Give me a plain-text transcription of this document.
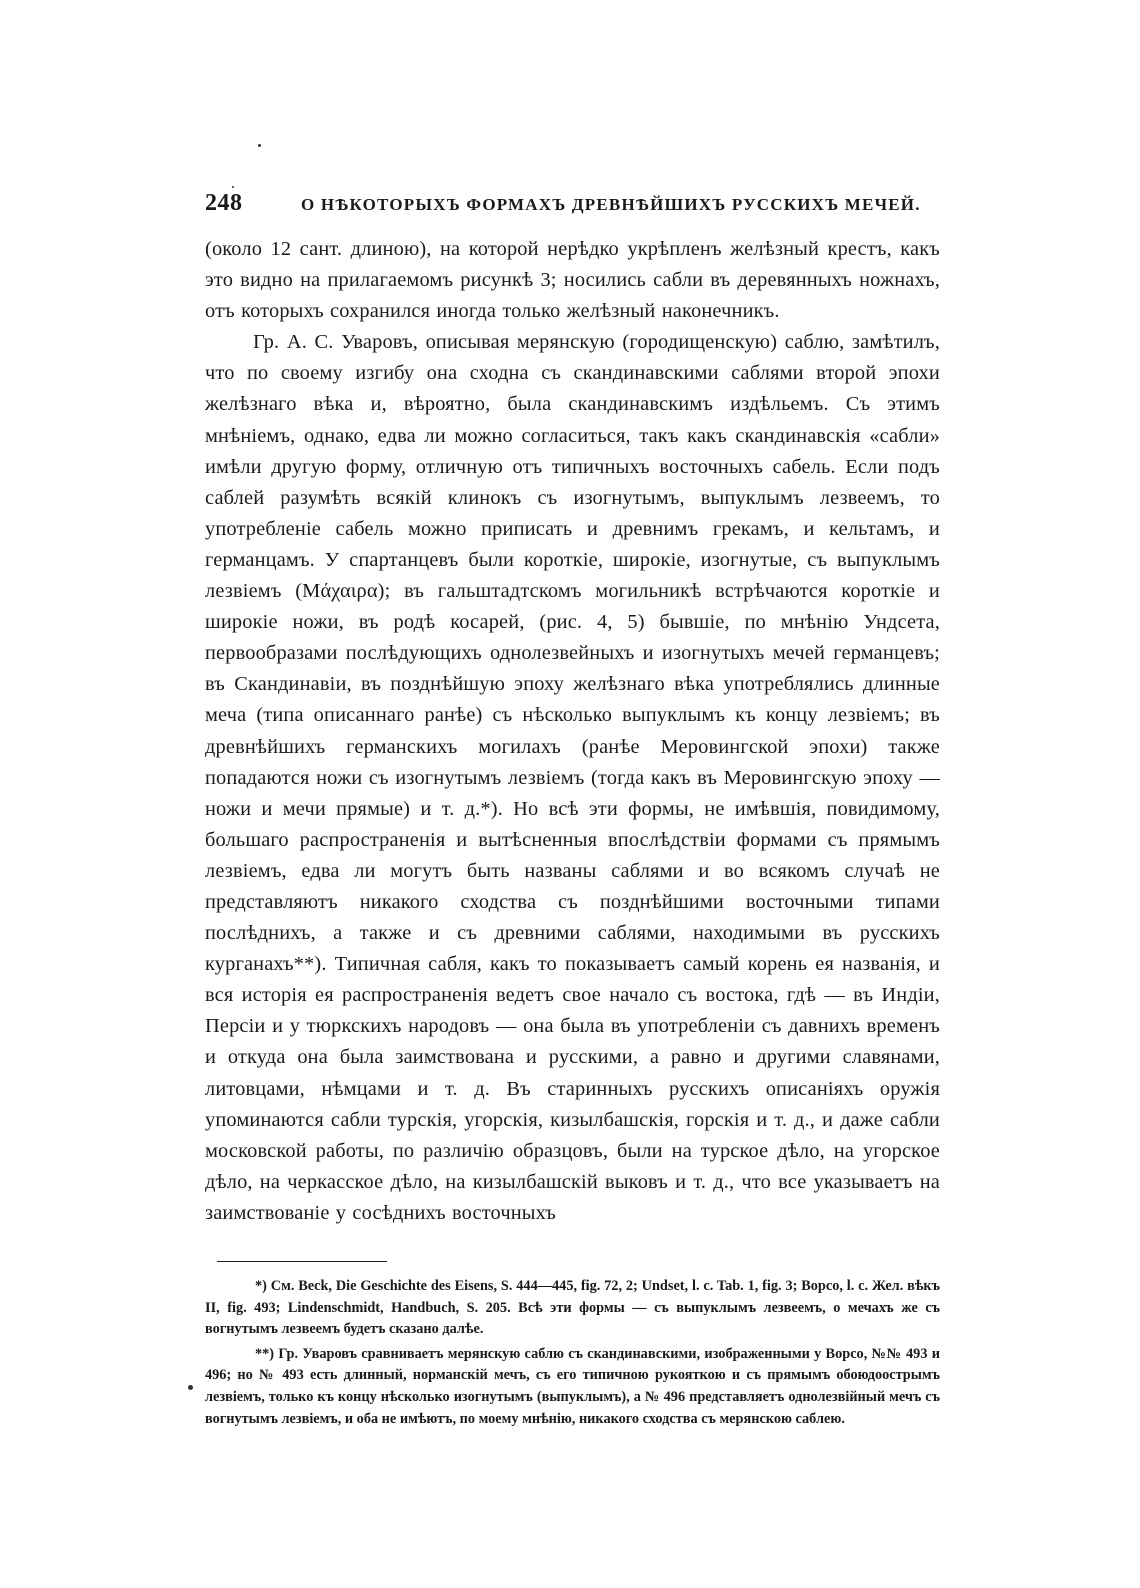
248	О НѢКОТОРЫХЪ ФОРМАХЪ ДРЕВНѢЙШИХЪ РУССКИХЪ МЕЧЕЙ.

(около 12 сант. длиною), на которой нерѣдко укрѣпленъ желѣзный крестъ, какъ это видно на прилагаемомъ рисункѣ 3; носились сабли въ деревянныхъ ножнахъ, отъ которыхъ сохранился иногда только желѣзный наконечникъ.

Гр. А. С. Уваровъ, описывая мерянскую (городищенскую) саблю, замѣтилъ, что по своему изгибу она сходна съ скандинавскими саблями второй эпохи желѣзнаго вѣка и, вѣроятно, была скандинавскимъ издѣльемъ. Съ этимъ мнѣніемъ, однако, едва ли можно согласиться, такъ какъ скандинавскія «сабли» имѣли другую форму, отличную отъ типичныхъ восточныхъ сабель. Если подъ саблей разумѣть всякій клинокъ съ изогнутымъ, выпуклымъ лезвеемъ, то употребленіе сабель можно приписать и древнимъ грекамъ, и кельтамъ, и германцамъ. У спартанцевъ были короткіе, широкіе, изогнутые, съ выпуклымъ лезвіемъ (Μάχαιρα); въ гальштадтскомъ могильникѣ встрѣчаются короткіе и широкіе ножи, въ родѣ косарей, (рис. 4, 5) бывшіе, по мнѣнію Ундсета, первообразами послѣдующихъ однолезвейныхъ и изогнутыхъ мечей германцевъ; въ Скандинавіи, въ позднѣйшую эпоху желѣзнаго вѣка употреблялись длинные меча (типа описаннаго ранѣе) съ нѣсколько выпуклымъ къ концу лезвіемъ; въ древнѣйшихъ германскихъ могилахъ (ранѣе Меровингской эпохи) также попадаются ножи съ изогнутымъ лезвіемъ (тогда какъ въ Меровингскую эпоху —ножи и мечи прямые) и т. д.*). Но всѣ эти формы, не имѣвшія, повидимому, большаго распространенія и вытѣсненныя впослѣдствіи формами съ прямымъ лезвіемъ, едва ли могутъ быть названы саблями и во всякомъ случаѣ не представляютъ никакого сходства съ позднѣйшими восточными типами послѣднихъ, а также и съ древними саблями, находимыми въ русскихъ курганахъ**). Типичная сабля, какъ то показываетъ самый корень ея названія, и вся исторія ея распространенія ведетъ свое начало съ востока, гдѣ — въ Индіи, Персіи и у тюркскихъ народовъ — она была въ употребленіи съ давнихъ временъ и откуда она была заимствована и русскими, а равно и другими славянами, литовцами, нѣмцами и т. д. Въ старинныхъ русскихъ описаніяхъ оружія упоминаются сабли турскія, угорскія, кизылбашскія, горскія и т. д., и даже сабли московской работы, по различію образцовъ, были на турское дѣло, на угорское дѣло, на черкасское дѣло, на кизылбашскій выковъ и т. д., что все указываетъ на заимствованіе у сосѣднихъ восточныхъ

*) См. Beck, Die Geschichte des Eisens, S. 444—445, fig. 72, 2; Undset, l. c. Tab. 1, fig. 3; Ворсо, l. c. Жел. вѣкъ II, fig. 493; Lindenschmidt, Handbuch, S. 205. Всѣ эти формы — съ выпуклымъ лезвеемъ, о мечахъ же съ вогнутымъ лезвеемъ будетъ сказано далѣе.

**) Гр. Уваровъ сравниваетъ мерянскую саблю съ скандинавскими, изображенными у Ворсо, №№ 493 и 496; но № 493 есть длинный, норманскій мечъ, съ его типичною рукояткою и съ прямымъ обоюдоострымъ лезвіемъ, только къ концу нѣсколько изогнутымъ (выпуклымъ), а № 496 представляетъ однолезвійный мечъ съ вогнутымъ лезвіемъ, и оба не имѣютъ, по моему мнѣнію, никакого сходства съ мерянскою саблею.
